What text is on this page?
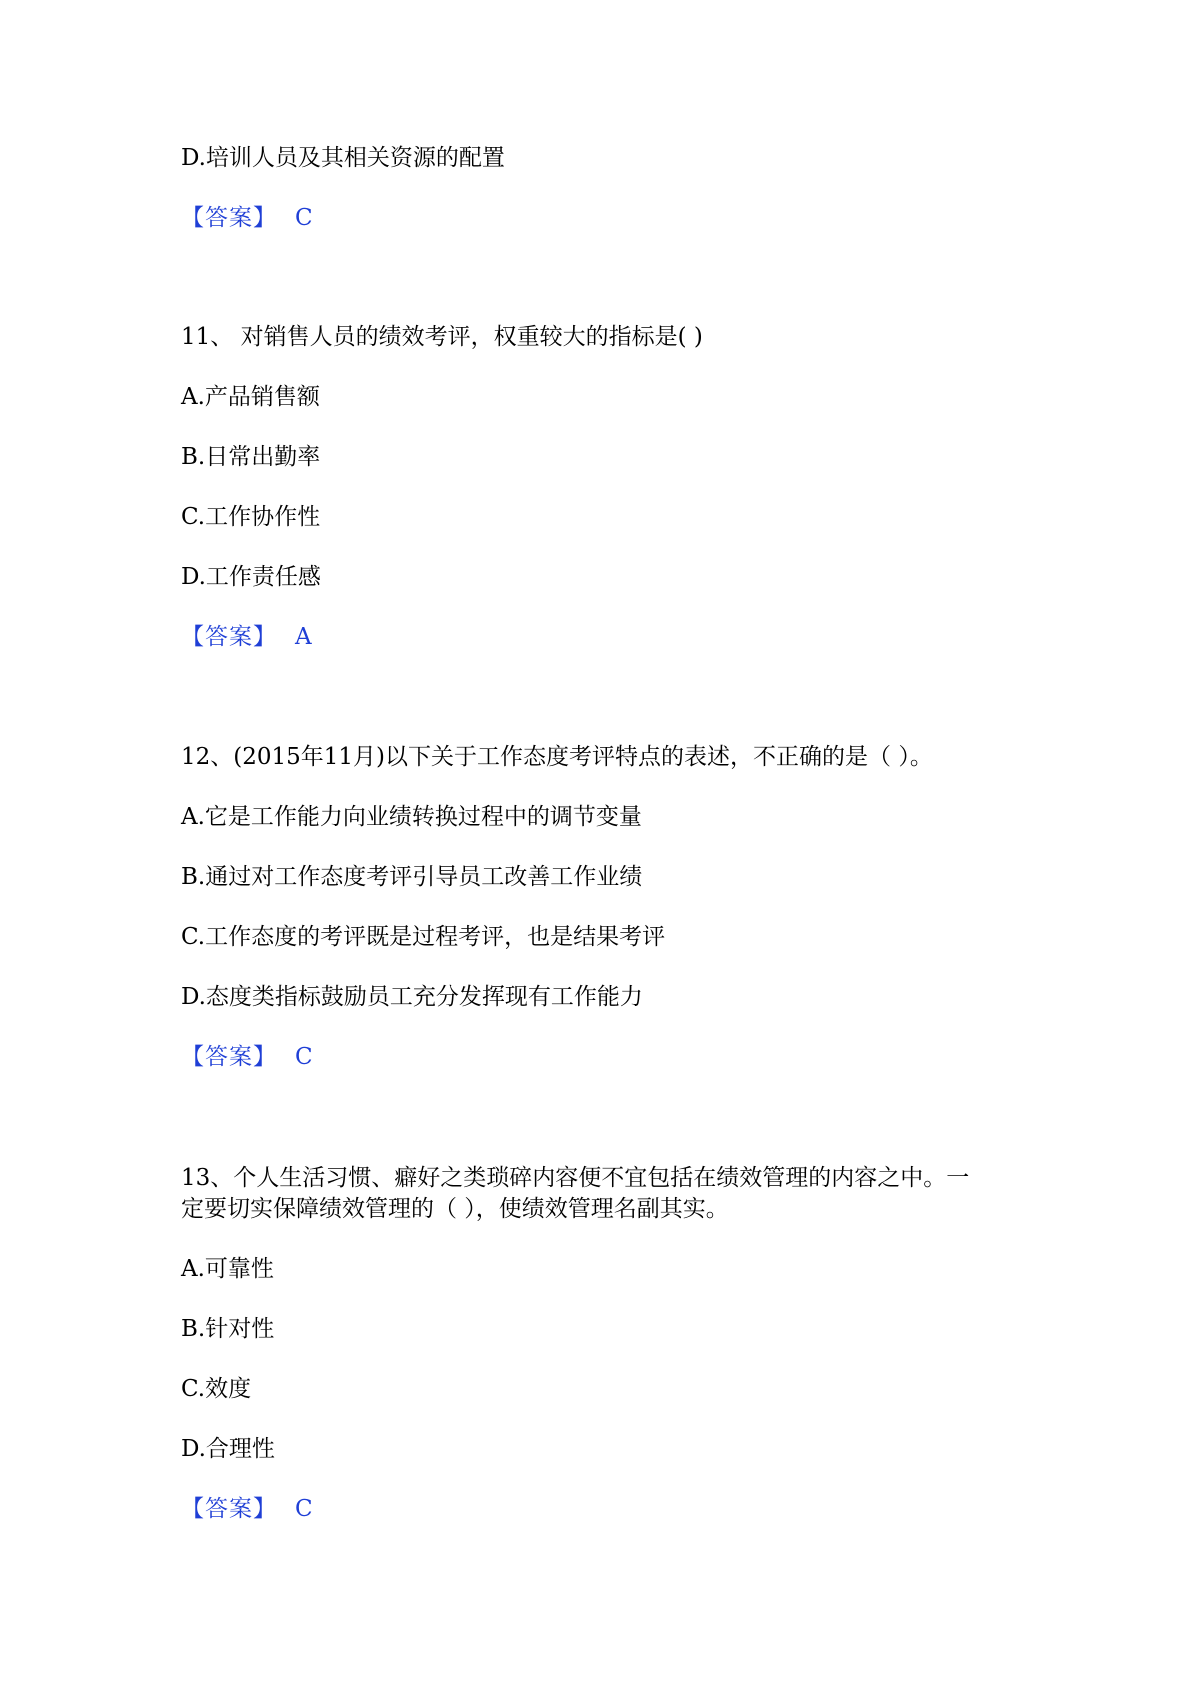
D.培训人员及其相关资源的配置
【答案】 C
11、 对销售人员的绩效考评，权重较大的指标是( )
A.产品销售额
B.日常出勤率
C.工作协作性
D.工作责任感
【答案】 A
12、(2015年11月)以下关于工作态度考评特点的表述，不正确的是（ ）。
A.它是工作能力向业绩转换过程中的调节变量
B.通过对工作态度考评引导员工改善工作业绩
C.工作态度的考评既是过程考评，也是结果考评
D.态度类指标鼓励员工充分发挥现有工作能力
【答案】 C
13、个人生活习惯、癖好之类琐碎内容便不宜包括在绩效管理的内容之中。一
定要切实保障绩效管理的（ ），使绩效管理名副其实。
A.可靠性
B.针对性
C.效度
D.合理性
【答案】 C
